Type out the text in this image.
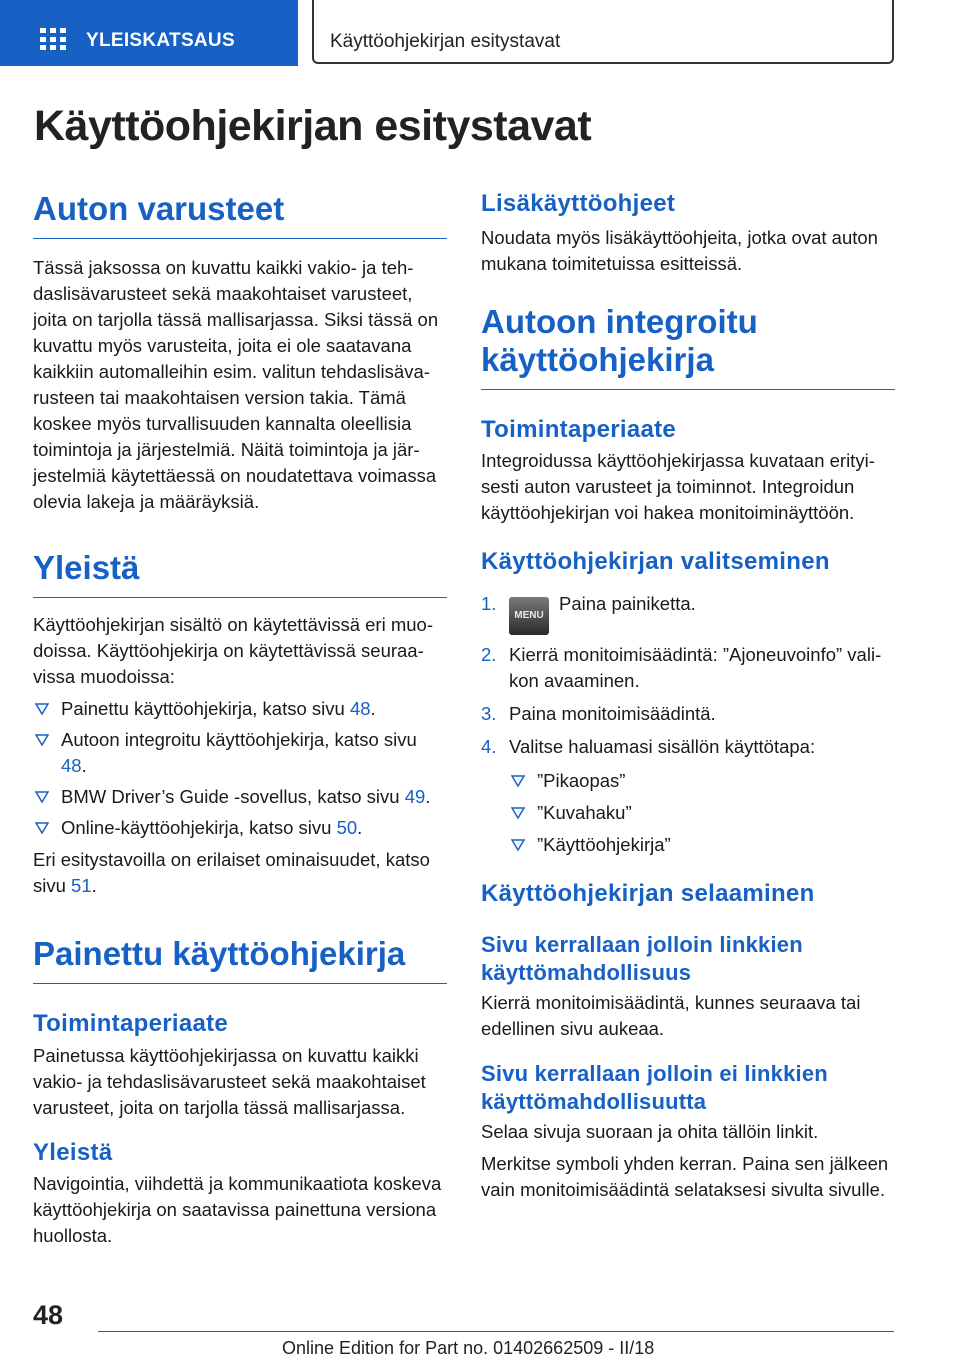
YLEISKATSAUS	Käyttöohjekirjan esitystavat
Käyttöohjekirjan esitystavat
Auton varusteet

Tässä jaksossa on kuvattu kaikki vakio- ja tehdaslisävarusteet sekä maakohtaiset varusteet, joita on tarjolla tässä mallisarjassa. Siksi tässä on kuvattu myös varusteita, joita ei ole saatavana kaikkiin automalleihin esim. valitun tehdaslisävarusteen tai maakohtaisen version takia. Tämä koskee myös turvallisuuden kannalta oleellisia toimintoja ja järjestelmiä. Näitä toimintoja ja järjestelmiä käytettäessä on noudatettava voimassa olevia lakeja ja määräyksiä.

Yleistä

Käyttöohjekirjan sisältö on käytettävissä eri muodoissa. Käyttöohjekirja on käytettävissä seuraavissa muodoissa:

Painettu käyttöohjekirja, katso sivu 48.
Autoon integroitu käyttöohjekirja, katso sivu 48.
BMW Driver’s Guide -sovellus, katso sivu 49.
Online-käyttöohjekirja, katso sivu 50.

Eri esitystavoilla on erilaiset ominaisuudet, katso sivu 51.

Painettu käyttöohjekirja
Toimintaperiaate

Painetussa käyttöohjekirjassa on kuvattu kaikki vakio- ja tehdaslisävarusteet sekä maakohtaiset varusteet, joita on tarjolla tässä mallisarjassa.

Yleistä

Navigointia, viihdettä ja kommunikaatiota koskeva käyttöohjekirja on saatavissa painettuna versiona huollosta.

Lisäkäyttöohjeet

Noudata myös lisäkäyttöohjeita, jotka ovat auton mukana toimitetuissa esitteissä.

Autoon integroitu käyttöohjekirja
Toimintaperiaate

Integroidussa käyttöohjekirjassa kuvataan erityisesti auton varusteet ja toiminnot. Integroidun käyttöohjekirjan voi hakea monitoiminäyttöön.

Käyttöohjekirjan valitseminen
1.
MENUPaina painiketta.
2. Kierrä monitoimisäädintä: ”Ajoneuvoinfo” valikon avaaminen.
3. Paina monitoimisäädintä.
4. Valitse haluamasi sisällön käyttötapa:
”Pikaopas”
”Kuvahaku”
”Käyttöohjekirja”
Käyttöohjekirjan selaaminen
Sivu kerrallaan jolloin linkkien käyttömahdollisuus

Kierrä monitoimisäädintä, kunnes seuraava tai edellinen sivu aukeaa.

Sivu kerrallaan jolloin ei linkkien käyttömahdollisuutta

Selaa sivuja suoraan ja ohita tällöin linkit.

Merkitse symboli yhden kerran. Paina sen jälkeen vain monitoimisäädintä selataksesi sivulta sivulle.

48
Online Edition for Part no. 01402662509 - II/18
